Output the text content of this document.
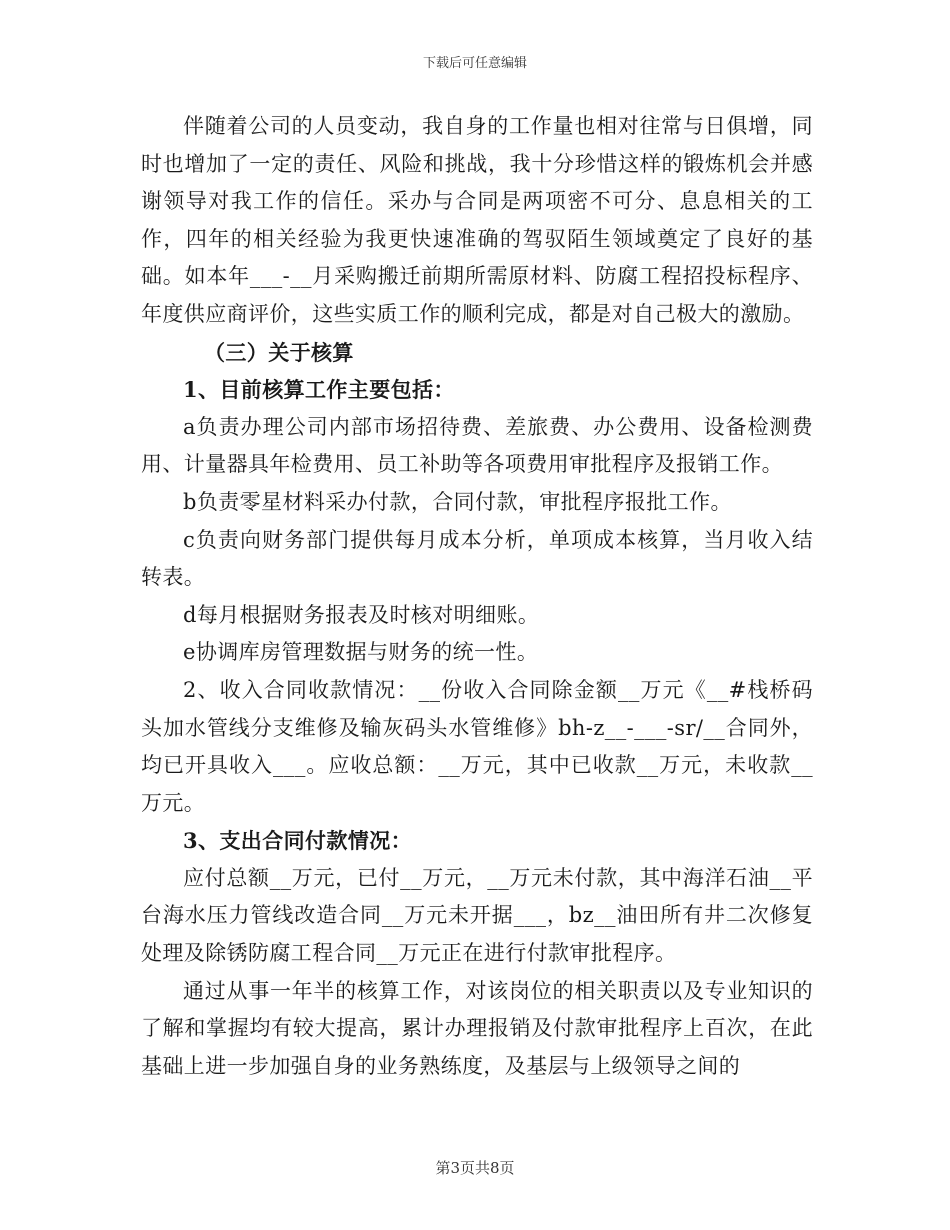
下载后可任意编辑

伴随着公司的人员变动，我自身的工作量也相对往常与日俱增，同时也增加了一定的责任、风险和挑战，我十分珍惜这样的锻炼机会并感谢领导对我工作的信任。采办与合同是两项密不可分、息息相关的工作，四年的相关经验为我更快速准确的驾驭陌生领域奠定了良好的基础。如本年___-__月采购搬迁前期所需原材料、防腐工程招投标程序、年度供应商评价，这些实质工作的顺利完成，都是对自己极大的激励。

（三）关于核算

1、目前核算工作主要包括：

a负责办理公司内部市场招待费、差旅费、办公费用、设备检测费用、计量器具年检费用、员工补助等各项费用审批程序及报销工作。

b负责零星材料采办付款，合同付款，审批程序报批工作。

c负责向财务部门提供每月成本分析，单项成本核算，当月收入结转表。

d每月根据财务报表及时核对明细账。

e协调库房管理数据与财务的统一性。

2、收入合同收款情况：__份收入合同除金额__万元《__#栈桥码头加水管线分支维修及输灰码头水管维修》bh-z__-___-sr/__合同外，均已开具收入___。应收总额：__万元，其中已收款__万元，未收款__万元。

3、支出合同付款情况：

应付总额__万元，已付__万元，__万元未付款，其中海洋石油__平台海水压力管线改造合同__万元未开据___，bz__油田所有井二次修复处理及除锈防腐工程合同__万元正在进行付款审批程序。

通过从事一年半的核算工作，对该岗位的相关职责以及专业知识的了解和掌握均有较大提高，累计办理报销及付款审批程序上百次，在此基础上进一步加强自身的业务熟练度，及基层与上级领导之间的

第3页共8页
